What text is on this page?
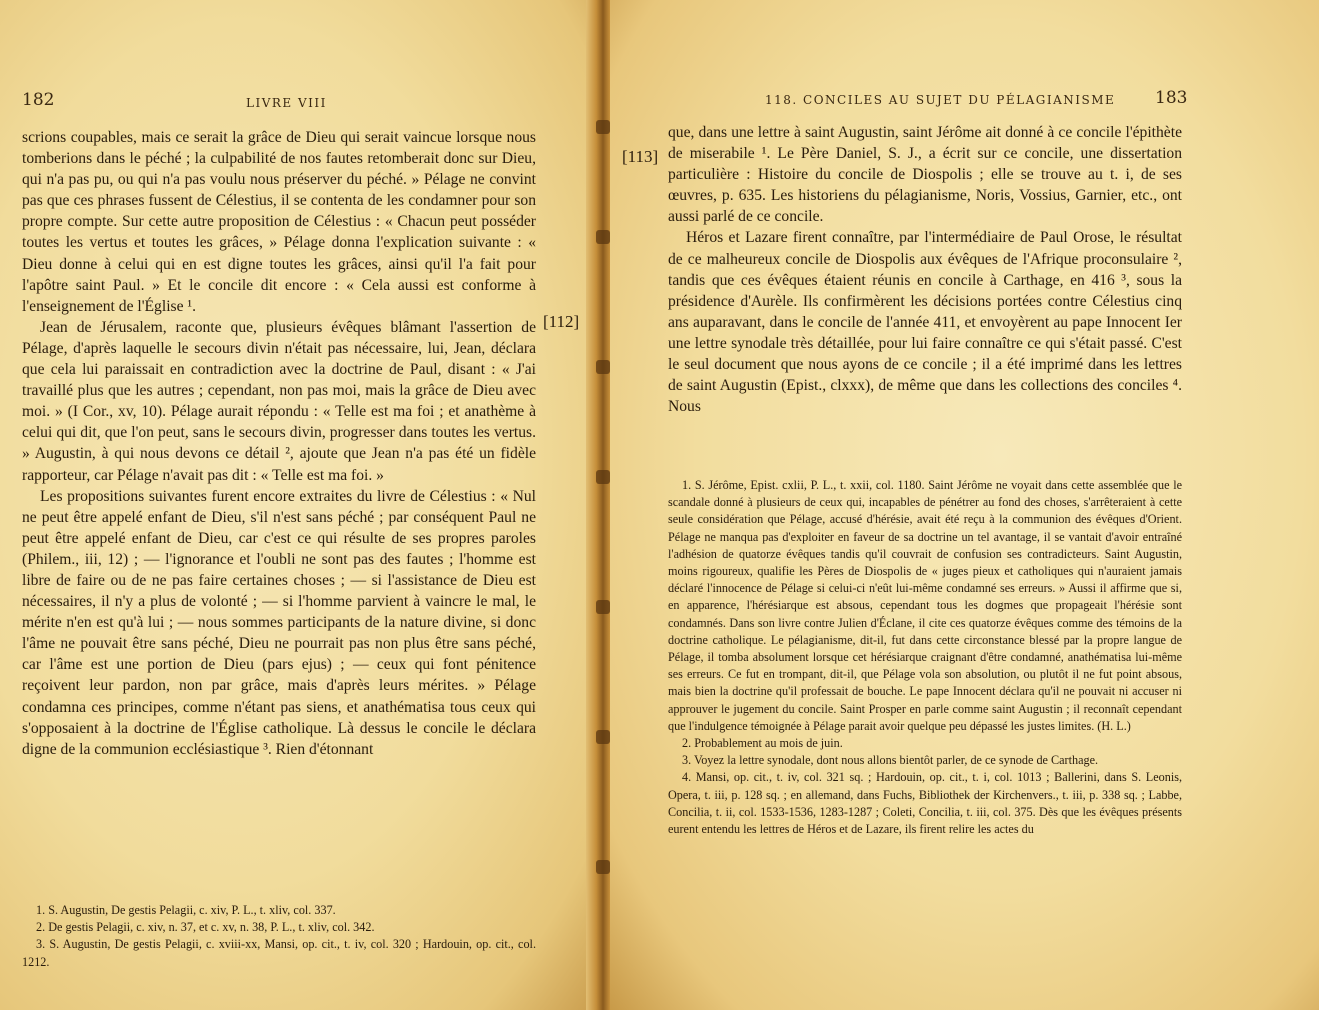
182	LIVRE VIII

scrions coupables, mais ce serait la grâce de Dieu qui serait vaincue lorsque nous tomberions dans le péché ; la culpabilité de nos fautes retomberait donc sur Dieu, qui n'a pas pu, ou qui n'a pas voulu nous préserver du péché. » Pélage ne convint pas que ces phrases fussent de Célestius, il se contenta de les condamner pour son propre compte. Sur cette autre proposition de Célestius : « Chacun peut posséder toutes les vertus et toutes les grâces, » Pélage donna l'explication suivante : « Dieu donne à celui qui en est digne toutes les grâces, ainsi qu'il l'a fait pour l'apôtre saint Paul. » Et le concile dit encore : « Cela aussi est conforme à l'enseignement de l'Église ¹.

Jean de Jérusalem, raconte que, plusieurs évêques blâmant l'assertion de Pélage, d'après laquelle le secours divin n'était pas nécessaire, lui, Jean, déclara que cela lui paraissait en contradiction avec la doctrine de Paul, disant : « J'ai travaillé plus que les autres ; cependant, non pas moi, mais la grâce de Dieu avec moi. » (I Cor., xv, 10). Pélage aurait répondu : « Telle est ma foi ; et anathème à celui qui dit, que l'on peut, sans le secours divin, progresser dans toutes les vertus. » Augustin, à qui nous devons ce détail ², ajoute que Jean n'a pas été un fidèle rapporteur, car Pélage n'avait pas dit : « Telle est ma foi. »

Les propositions suivantes furent encore extraites du livre de Célestius : « Nul ne peut être appelé enfant de Dieu, s'il n'est sans péché ; par conséquent Paul ne peut être appelé enfant de Dieu, car c'est ce qui résulte de ses propres paroles (Philem., iii, 12) ; — l'ignorance et l'oubli ne sont pas des fautes ; l'homme est libre de faire ou de ne pas faire certaines choses ; — si l'assistance de Dieu est nécessaires, il n'y a plus de volonté ; — si l'homme parvient à vaincre le mal, le mérite n'en est qu'à lui ; — nous sommes participants de la nature divine, si donc l'âme ne pouvait être sans péché, Dieu ne pourrait pas non plus être sans péché, car l'âme est une portion de Dieu (pars ejus) ; — ceux qui font pénitence reçoivent leur pardon, non par grâce, mais d'après leurs mérites. » Pélage condamna ces principes, comme n'étant pas siens, et anathématisa tous ceux qui s'opposaient à la doctrine de l'Église catholique. Là dessus le concile le déclara digne de la communion ecclésiastique ³. Rien d'étonnant

1. S. Augustin, De gestis Pelagii, c. xiv, P. L., t. xliv, col. 337.

2. De gestis Pelagii, c. xiv, n. 37, et c. xv, n. 38, P. L., t. xliv, col. 342.

3. S. Augustin, De gestis Pelagii, c. xviii-xx, Mansi, op. cit., t. iv, col. 320 ; Hardouin, op. cit., col. 1212.

[112]
[113]
118. CONCILES AU SUJET DU PÉLAGIANISME 183

que, dans une lettre à saint Augustin, saint Jérôme ait donné à ce concile l'épithète de miserabile ¹. Le Père Daniel, S. J., a écrit sur ce concile, une dissertation particulière : Histoire du concile de Diospolis ; elle se trouve au t. i, de ses œuvres, p. 635. Les historiens du pélagianisme, Noris, Vossius, Garnier, etc., ont aussi parlé de ce concile.

Héros et Lazare firent connaître, par l'intermédiaire de Paul Orose, le résultat de ce malheureux concile de Diospolis aux évêques de l'Afrique proconsulaire ², tandis que ces évêques étaient réunis en concile à Carthage, en 416 ³, sous la présidence d'Aurèle. Ils confirmèrent les décisions portées contre Célestius cinq ans auparavant, dans le concile de l'année 411, et envoyèrent au pape Innocent Ier une lettre synodale très détaillée, pour lui faire connaître ce qui s'était passé. C'est le seul document que nous ayons de ce concile ; il a été imprimé dans les lettres de saint Augustin (Epist., clxxx), de même que dans les collections des conciles ⁴. Nous

1. S. Jérôme, Epist. cxlii, P. L., t. xxii, col. 1180. Saint Jérôme ne voyait dans cette assemblée que le scandale donné à plusieurs de ceux qui, incapables de pénétrer au fond des choses, s'arrêteraient à cette seule considération que Pélage, accusé d'hérésie, avait été reçu à la communion des évêques d'Orient. Pélage ne manqua pas d'exploiter en faveur de sa doctrine un tel avantage, il se vantait d'avoir entraîné l'adhésion de quatorze évêques tandis qu'il couvrait de confusion ses contradicteurs. Saint Augustin, moins rigoureux, qualifie les Pères de Diospolis de « juges pieux et catholiques qui n'auraient jamais déclaré l'innocence de Pélage si celui-ci n'eût lui-même condamné ses erreurs. » Aussi il affirme que si, en apparence, l'hérésiarque est absous, cependant tous les dogmes que propageait l'hérésie sont condamnés. Dans son livre contre Julien d'Éclane, il cite ces quatorze évêques comme des témoins de la doctrine catholique. Le pélagianisme, dit-il, fut dans cette circonstance blessé par la propre langue de Pélage, il tomba absolument lorsque cet hérésiarque craignant d'être condamné, anathématisa lui-même ses erreurs. Ce fut en trompant, dit-il, que Pélage vola son absolution, ou plutôt il ne fut point absous, mais bien la doctrine qu'il professait de bouche. Le pape Innocent déclara qu'il ne pouvait ni accuser ni approuver le jugement du concile. Saint Prosper en parle comme saint Augustin ; il reconnaît cependant que l'indulgence témoignée à Pélage parait avoir quelque peu dépassé les justes limites. (H. L.)

2. Probablement au mois de juin.

3. Voyez la lettre synodale, dont nous allons bientôt parler, de ce synode de Carthage.

4. Mansi, op. cit., t. iv, col. 321 sq. ; Hardouin, op. cit., t. i, col. 1013 ; Ballerini, dans S. Leonis, Opera, t. iii, p. 128 sq. ; en allemand, dans Fuchs, Bibliothek der Kirchenvers., t. iii, p. 338 sq. ; Labbe, Concilia, t. ii, col. 1533-1536, 1283-1287 ; Coleti, Concilia, t. iii, col. 375. Dès que les évêques présents eurent entendu les lettres de Héros et de Lazare, ils firent relire les actes du
